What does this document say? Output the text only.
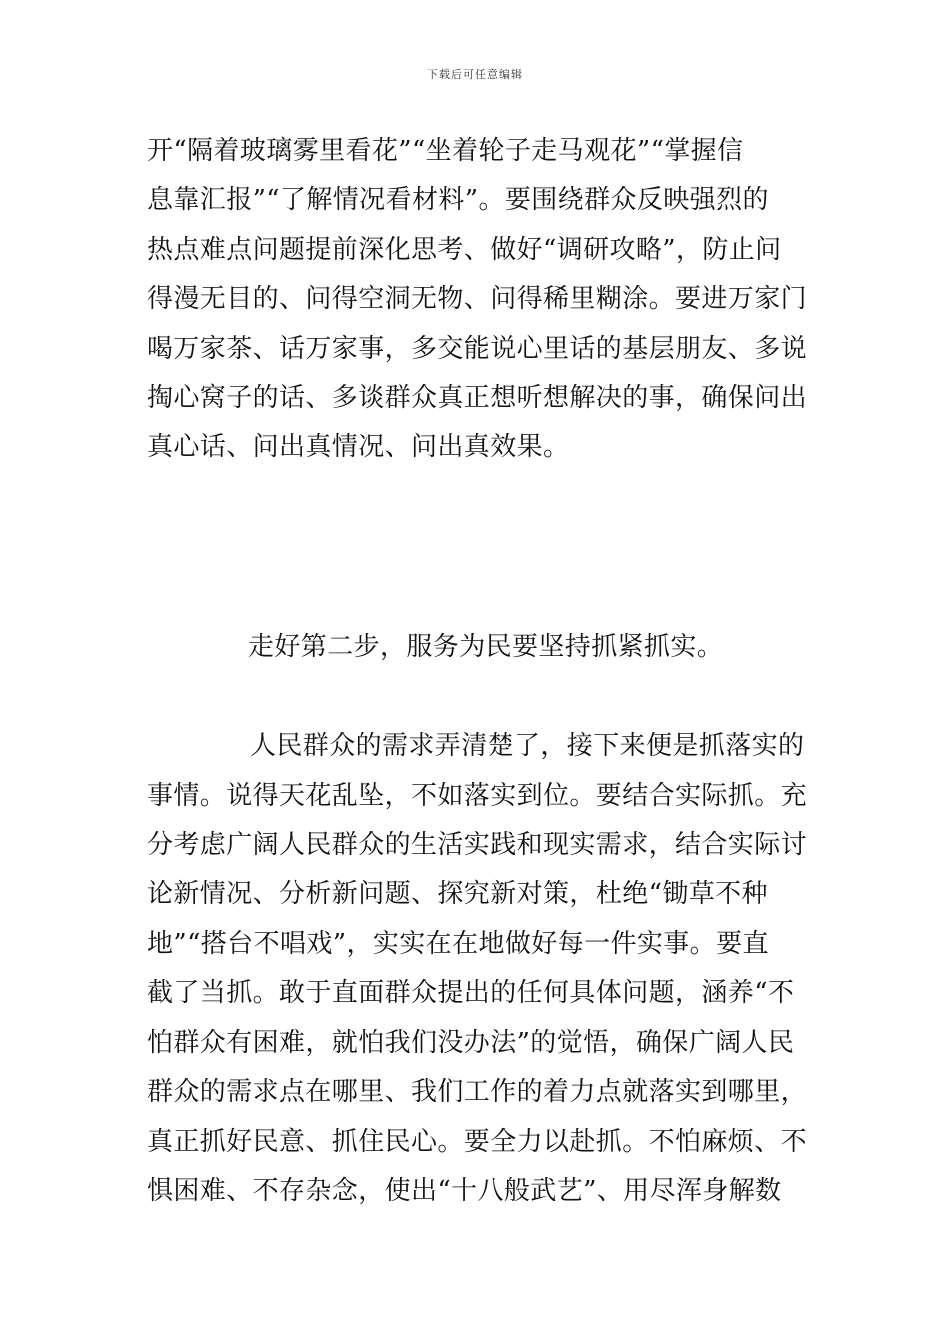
下载后可任意编辑
开“隔着玻璃雾里看花”“坐着轮子走马观花”“掌握信
息靠汇报”“了解情况看材料”。要围绕群众反映强烈的
热点难点问题提前深化思考、做好“调研攻略”，防止问
得漫无目的、问得空洞无物、问得稀里糊涂。要进万家门
喝万家茶、话万家事，多交能说心里话的基层朋友、多说
掏心窝子的话、多谈群众真正想听想解决的事，确保问出
真心话、问出真情况、问出真效果。
走好第二步，服务为民要坚持抓紧抓实。
人民群众的需求弄清楚了，接下来便是抓落实的
事情。说得天花乱坠，不如落实到位。要结合实际抓。充
分考虑广阔人民群众的生活实践和现实需求，结合实际讨
论新情况、分析新问题、探究新对策，杜绝“锄草不种
地”“搭台不唱戏”，实实在在地做好每一件实事。要直
截了当抓。敢于直面群众提出的任何具体问题，涵养“不
怕群众有困难，就怕我们没办法”的觉悟，确保广阔人民
群众的需求点在哪里、我们工作的着力点就落实到哪里，
真正抓好民意、抓住民心。要全力以赴抓。不怕麻烦、不
惧困难、不存杂念，使出“十八般武艺”、用尽浑身解数
